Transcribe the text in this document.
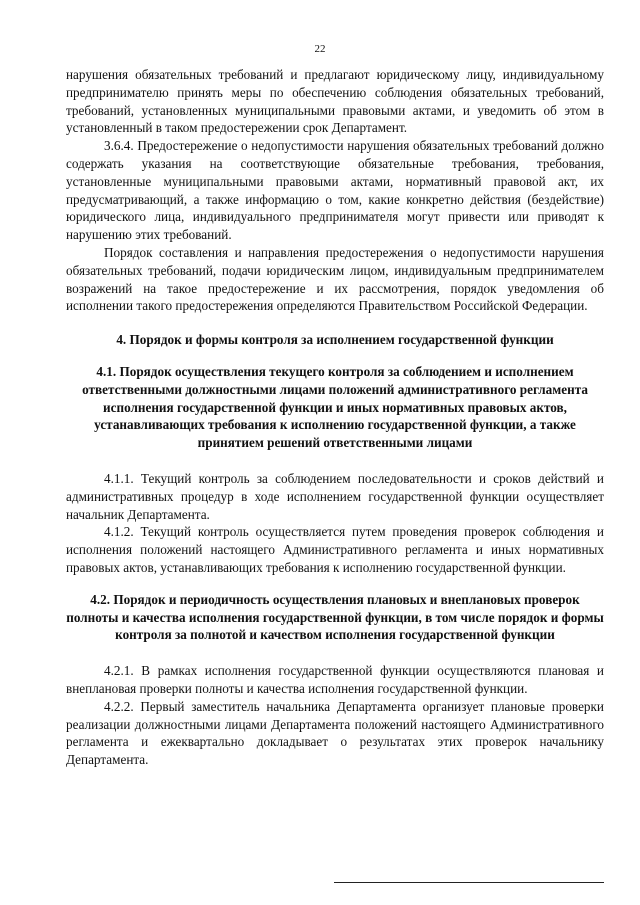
22

нарушения обязательных требований и предлагают юридическому лицу, индивидуальному предпринимателю принять меры по обеспечению соблюдения обязательных требований, требований, установленных муниципальными правовыми актами, и уведомить об этом в установленный в таком предостережении срок Департамент.

3.6.4. Предостережение о недопустимости нарушения обязательных требований должно содержать указания на соответствующие обязательные требования, требования, установленные муниципальными правовыми актами, нормативный правовой акт, их предусматривающий, а также информацию о том, какие конкретно действия (бездействие) юридического лица, индивидуального предпринимателя могут привести или приводят к нарушению этих требований.

Порядок составления и направления предостережения о недопустимости нарушения обязательных требований, подачи юридическим лицом, индивидуальным предпринимателем возражений на такое предостережение и их рассмотрения, порядок уведомления об исполнении такого предостережения определяются Правительством Российской Федерации.

4. Порядок и формы контроля за исполнением государственной функции
4.1. Порядок осуществления текущего контроля за соблюдением и исполнением ответственными должностными лицами положений административного регламента исполнения государственной функции и иных нормативных правовых актов, устанавливающих требования к исполнению государственной функции, а также принятием решений ответственными лицами

4.1.1. Текущий контроль за соблюдением последовательности и сроков действий и административных процедур в ходе исполнением государственной функции осуществляет начальник Департамента.

4.1.2. Текущий контроль осуществляется путем проведения проверок соблюдения и исполнения положений настоящего Административного регламента и иных нормативных правовых актов, устанавливающих требования к исполнению государственной функции.

4.2. Порядок и периодичность осуществления плановых и внеплановых проверок полноты и качества исполнения государственной функции, в том числе порядок и формы контроля за полнотой и качеством исполнения государственной функции

4.2.1. В рамках исполнения государственной функции осуществляются плановая и внеплановая проверки полноты и качества исполнения государственной функции.

4.2.2. Первый заместитель начальника Департамента организует плановые проверки реализации должностными лицами Департамента положений настоящего Административного регламента и ежеквартально докладывает о результатах этих проверок начальнику Департамента.
